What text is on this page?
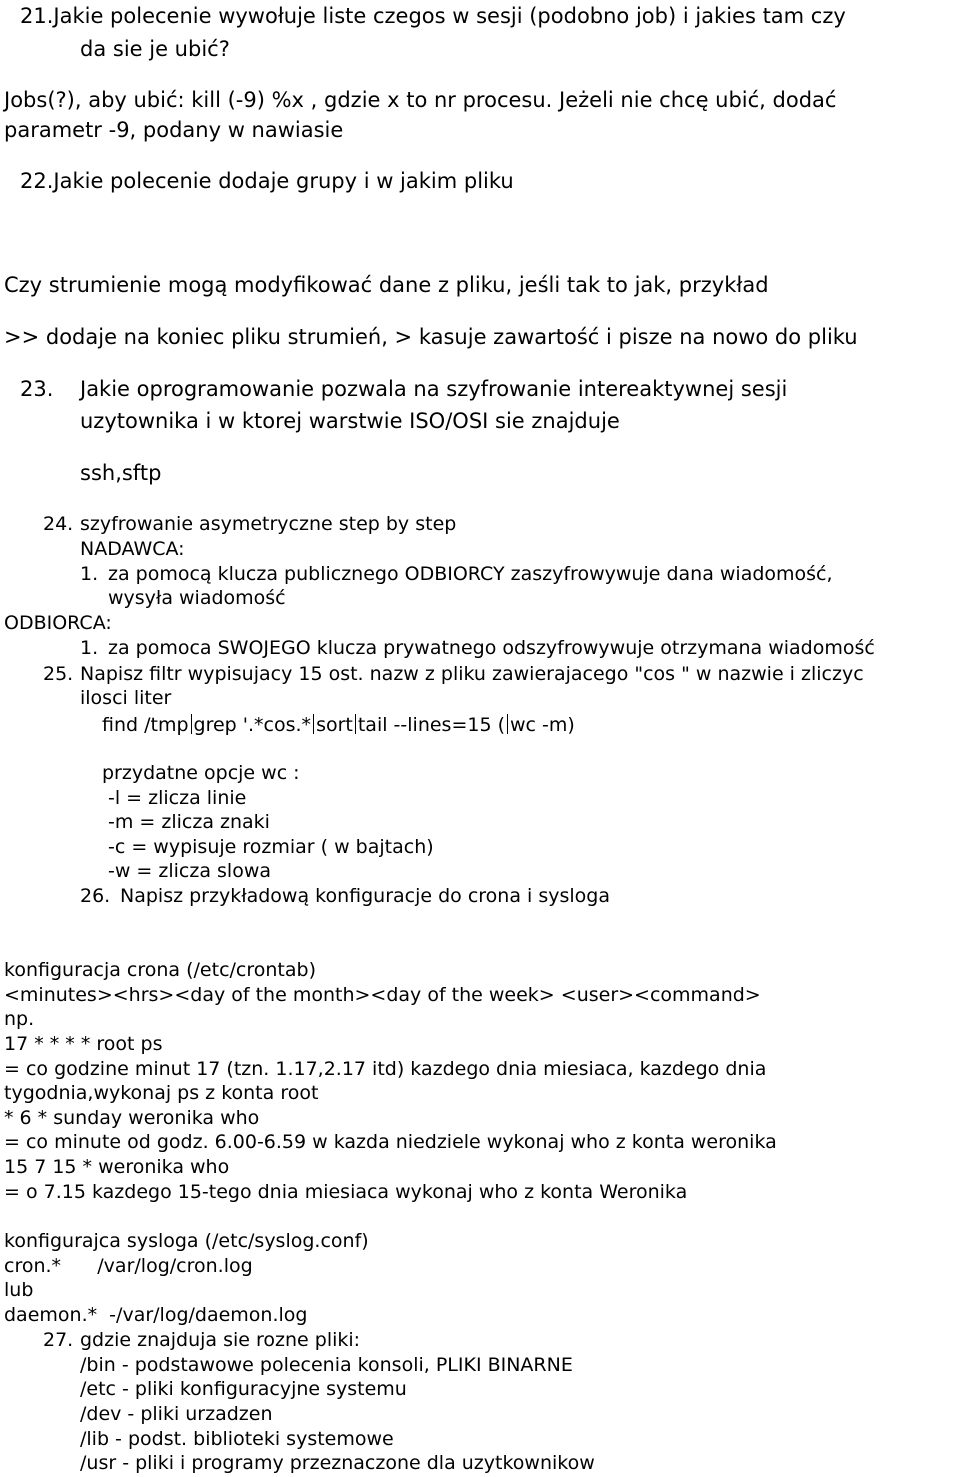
21.Jakie polecenie wywołuje liste czegos w sesji (podobno job) i jakies tam czy
da sie je ubić?
Jobs(?), aby ubić: kill (-9) %x , gdzie x to nr procesu. Jeżeli nie chcę ubić, dodać
parametr -9, podany w nawiasie
22.Jakie polecenie dodaje grupy i w jakim pliku
Czy strumienie mogą modyfikować dane z pliku, jeśli tak to jak, przykład
>> dodaje na koniec pliku strumień, > kasuje zawartość i pisze na nowo do pliku
23. Jakie oprogramowanie pozwala na szyfrowanie intereaktywnej sesji
uzytownika i w ktorej warstwie ISO/OSI sie znajduje
ssh,sftp
24. szyfrowanie asymetryczne step by step
NADAWCA:
1. za pomocą klucza publicznego ODBIORCY zaszyfrowywuje dana wiadomość,
wysyła wiadomość
ODBIORCA:
1. za pomoca SWOJEGO klucza prywatnego odszyfrowywuje otrzymana wiadomość
25. Napisz filtr wypisujacy 15 ost. nazw z pliku zawierajacego "cos " w nazwie i zliczyc
ilosci liter
find /tmp grep '.*cos.* sort tail --lines=15 ( wc -m)
przydatne opcje wc :
-l = zlicza linie
-m = zlicza znaki
-c = wypisuje rozmiar ( w bajtach)
-w = zlicza slowa
26. Napisz przykładową konfiguracje do crona i sysloga
konfiguracja crona (/etc/crontab)
<minutes><hrs><day of the month><day of the week> <user><command>
np.
17 * * * * root ps
= co godzine minut 17 (tzn. 1.17,2.17 itd) kazdego dnia miesiaca, kazdego dnia
tygodnia,wykonaj ps z konta root
* 6 * sunday weronika who
= co minute od godz. 6.00-6.59 w kazda niedziele wykonaj who z konta weronika
15 7 15 * weronika who
= o 7.15 kazdego 15-tego dnia miesiaca wykonaj who z konta Weronika
konfigurajca sysloga (/etc/syslog.conf)
cron.*      /var/log/cron.log
lub
daemon.*  -/var/log/daemon.log
27. gdzie znajduja sie rozne pliki:
/bin - podstawowe polecenia konsoli, PLIKI BINARNE
/etc - pliki konfiguracyjne systemu
/dev - pliki urzadzen
/lib - podst. biblioteki systemowe
/usr - pliki i programy przeznaczone dla uzytkownikow
